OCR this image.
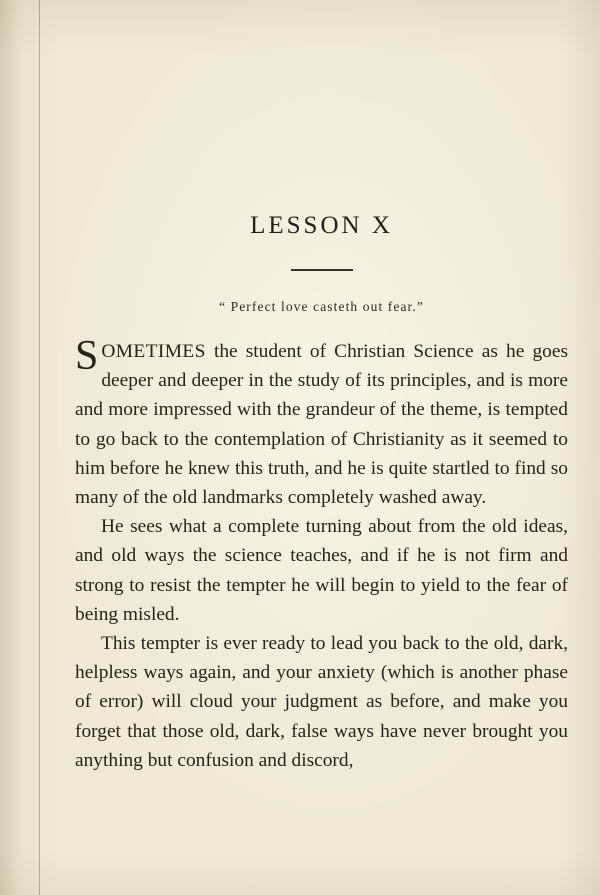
LESSON X
“ Perfect love casteth out fear.”

SOMETIMES the student of Christian Science as he goes deeper and deeper in the study of its principles, and is more and more impressed with the grandeur of the theme, is tempted to go back to the contemplation of Christianity as it seemed to him before he knew this truth, and he is quite startled to find so many of the old landmarks completely washed away.

He sees what a complete turning about from the old ideas, and old ways the science teaches, and if he is not firm and strong to resist the tempter he will begin to yield to the fear of being misled.

This tempter is ever ready to lead you back to the old, dark, helpless ways again, and your anxiety (which is another phase of error) will cloud your judgment as before, and make you forget that those old, dark, false ways have never brought you anything but confusion and discord,
